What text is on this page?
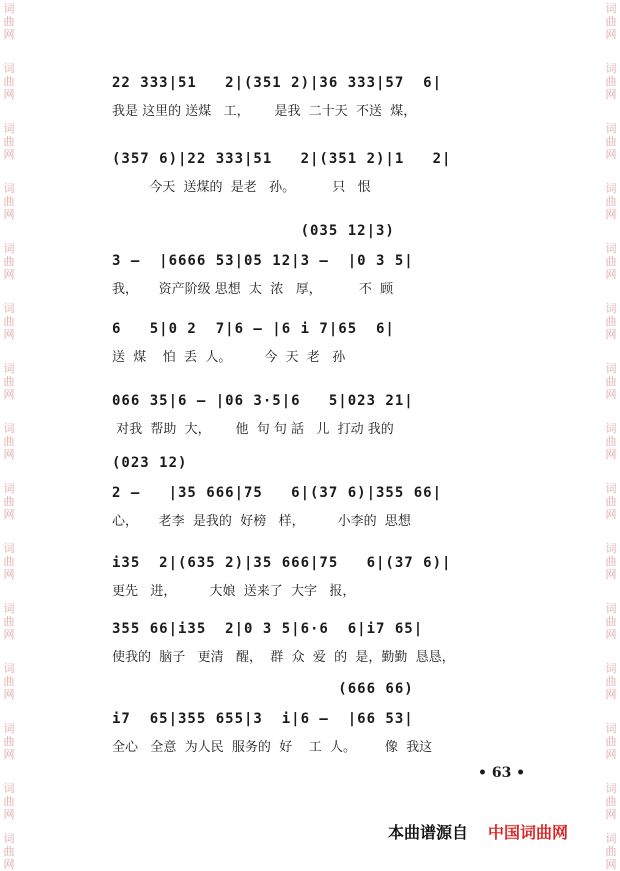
词
曲
网
词
曲
网
词
曲
网
词
曲
网
词
曲
网
词
曲
网
词
曲
网
词
曲
网
词
曲
网
词
曲
网
词
曲
网
词
曲
网
词
曲
网
词
曲
网
词
曲
网
词
曲
网
词
曲
网
词
曲
网
词
曲
网
词
曲
网
词
曲
网
词
曲
网
词
曲
网
词
曲
网
词
曲
网
词
曲
网
词
曲
网
词
曲
网
词
曲
网
词
曲
网
22 333|51   2|(351 2)|36 333|57  6|
我是 这里的 送煤   工，      是我  二十天  不送  煤，
(357 6)|22 333|51   2|(351 2)|1   2|
今天  送煤的  是老   孙。         只   恨
(035 12|3)
3 —  |6666 53|05 12|3 —  |0 3 5|
我，     资产阶级 思想  太  浓   厚，         不  顾
6   5|0 2  7|6 — |6 i 7|65  6|
送  煤    怕  丢  人。        今  天  老   孙
066 35|6 — |06 3·5|6   5|023 21|
对我  帮助  大，      他  句 句 話   儿  打动 我的
(023 12)
2 —   |35 666|75   6|(37 6)|355 66|
心，     老李  是我的  好榜   样，        小李的  思想
i35  2|(635 2)|35 666|75   6|(37 6)|
更先   进，        大娘  送来了  大字   报，
355 66|i35  2|0 3 5|6·6  6|i7 65|
使我的  脑子   更清   醒，  群  众  爱  的  是，勤勤  恳恳，
(666 66)
i7  65|355 655|3  i|6 —  |66 53|
全心   全意  为人民  服务的  好    工  人。       像  我这
• 63 •
本曲谱源自 中国词曲网
